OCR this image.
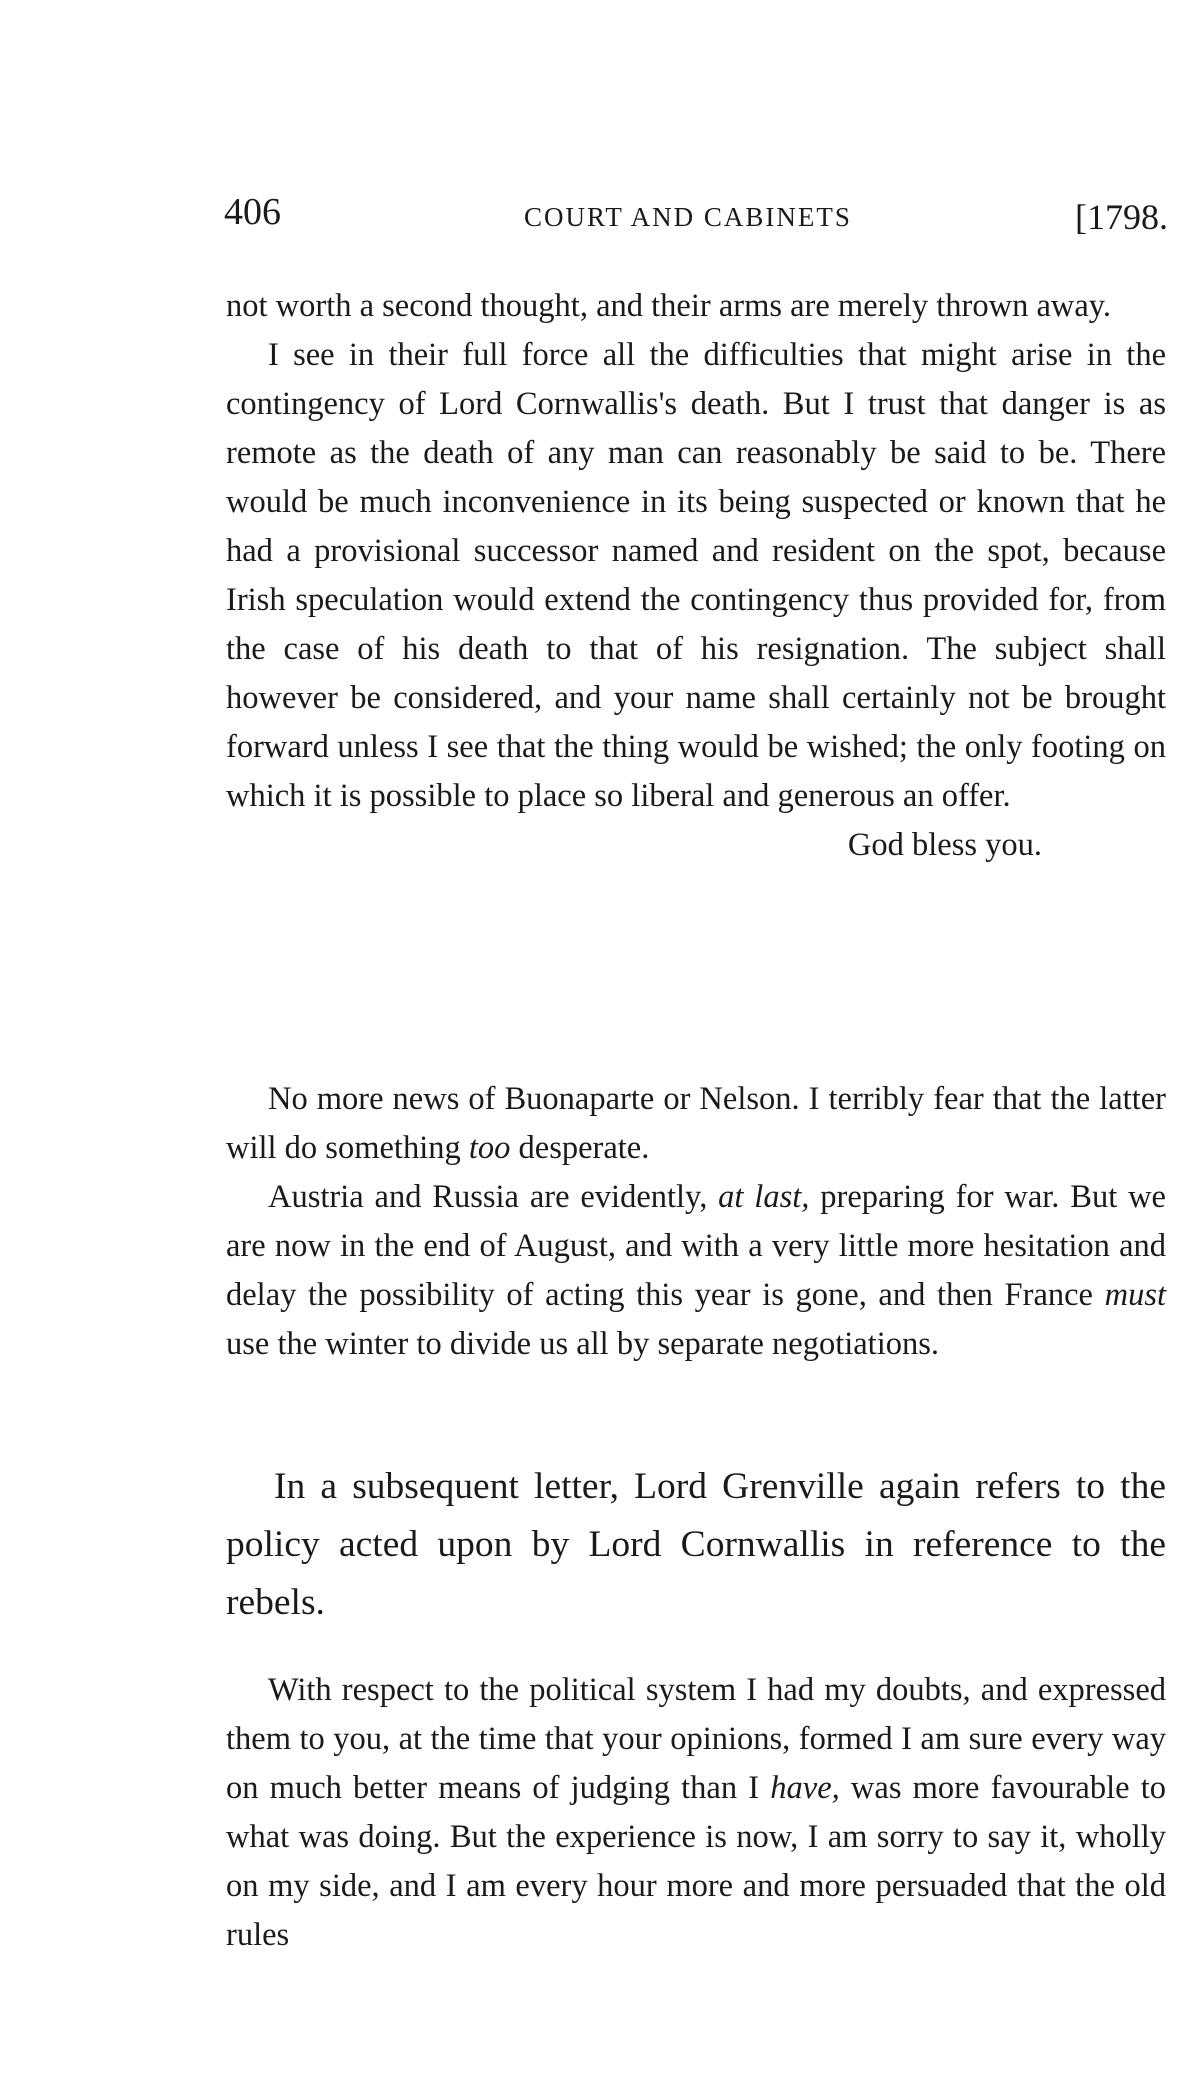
406	COURT AND CABINETS	[1798.

not worth a second thought, and their arms are merely thrown away.

I see in their full force all the difficulties that might arise in the contingency of Lord Cornwallis's death. But I trust that danger is as remote as the death of any man can reasonably be said to be. There would be much inconvenience in its being suspected or known that he had a provisional successor named and resident on the spot, because Irish speculation would extend the contingency thus provided for, from the case of his death to that of his resignation. The subject shall however be considered, and your name shall certainly not be brought forward unless I see that the thing would be wished; the only footing on which it is possible to place so liberal and generous an offer.

God bless you.

No more news of Buonaparte or Nelson. I terribly fear that the latter will do something too desperate.

Austria and Russia are evidently, at last, preparing for war. But we are now in the end of August, and with a very little more hesitation and delay the possibility of acting this year is gone, and then France must use the winter to divide us all by separate negotiations.

In a subsequent letter, Lord Grenville again refers to the policy acted upon by Lord Cornwallis in reference to the rebels.

With respect to the political system I had my doubts, and expressed them to you, at the time that your opinions, formed I am sure every way on much better means of judging than I have, was more favourable to what was doing. But the experience is now, I am sorry to say it, wholly on my side, and I am every hour more and more persuaded that the old rules
